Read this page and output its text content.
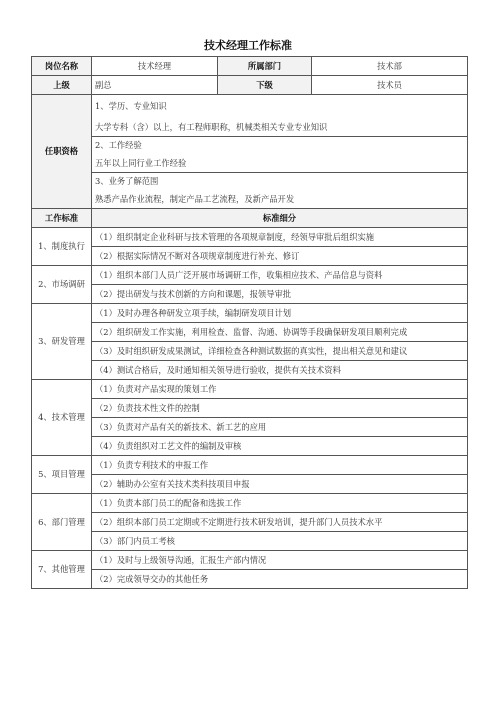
技术经理工作标准
岗位名称	技术经理	所属部门	技术部
上级	副总	下级	技术员
任职资格	1、学历、专业知识		
	大学专科（含）以上，有工程师职称，机械类相关专业专业知识		
	2、工作经验		
	五年以上同行业工作经验		
	3、业务了解范围		
	熟悉产品作业流程，制定产品工艺流程，及新产品开发		
工作标准	标准细分		
1、制度执行	（1）组织制定企业科研与技术管理的各项规章制度，经领导审批后组织实施		
	（2）根据实际情况不断对各项规章制度进行补充、修订		
2、市场调研	（1）组织本部门人员广泛开展市场调研工作，收集相应技术、产品信息与资料		
	（2）提出研发与技术创新的方向和课题，报领导审批		
3、研发管理	（1）及时办理各种研发立项手续，编制研发项目计划		
	（2）组织研发工作实施，利用检查、监督、沟通、协调等手段确保研发项目顺利完成		
	（3）及时组织研发成果测试，详细检查各种测试数据的真实性，提出相关意见和建议		
	（4）测试合格后，及时通知相关领导进行验收，提供有关技术资料		
4、技术管理	（1）负责对产品实现的策划工作		
	（2）负责技术性文件的控制		
	（3）负责对产品有关的新技术、新工艺的应用		
	（4）负责组织对工艺文件的编制及审核		
5、项目管理	（1）负责专利技术的申报工作		
	（2）辅助办公室有关技术类科技项目申报		
6、部门管理	（1）负责本部门员工的配备和选拔工作		
	（2）组织本部门员工定期或不定期进行技术研发培训，提升部门人员技术水平		
	（3）部门内员工考核		
7、其他管理	（1）及时与上级领导沟通，汇报生产部内情况		
	（2）完成领导交办的其他任务		
